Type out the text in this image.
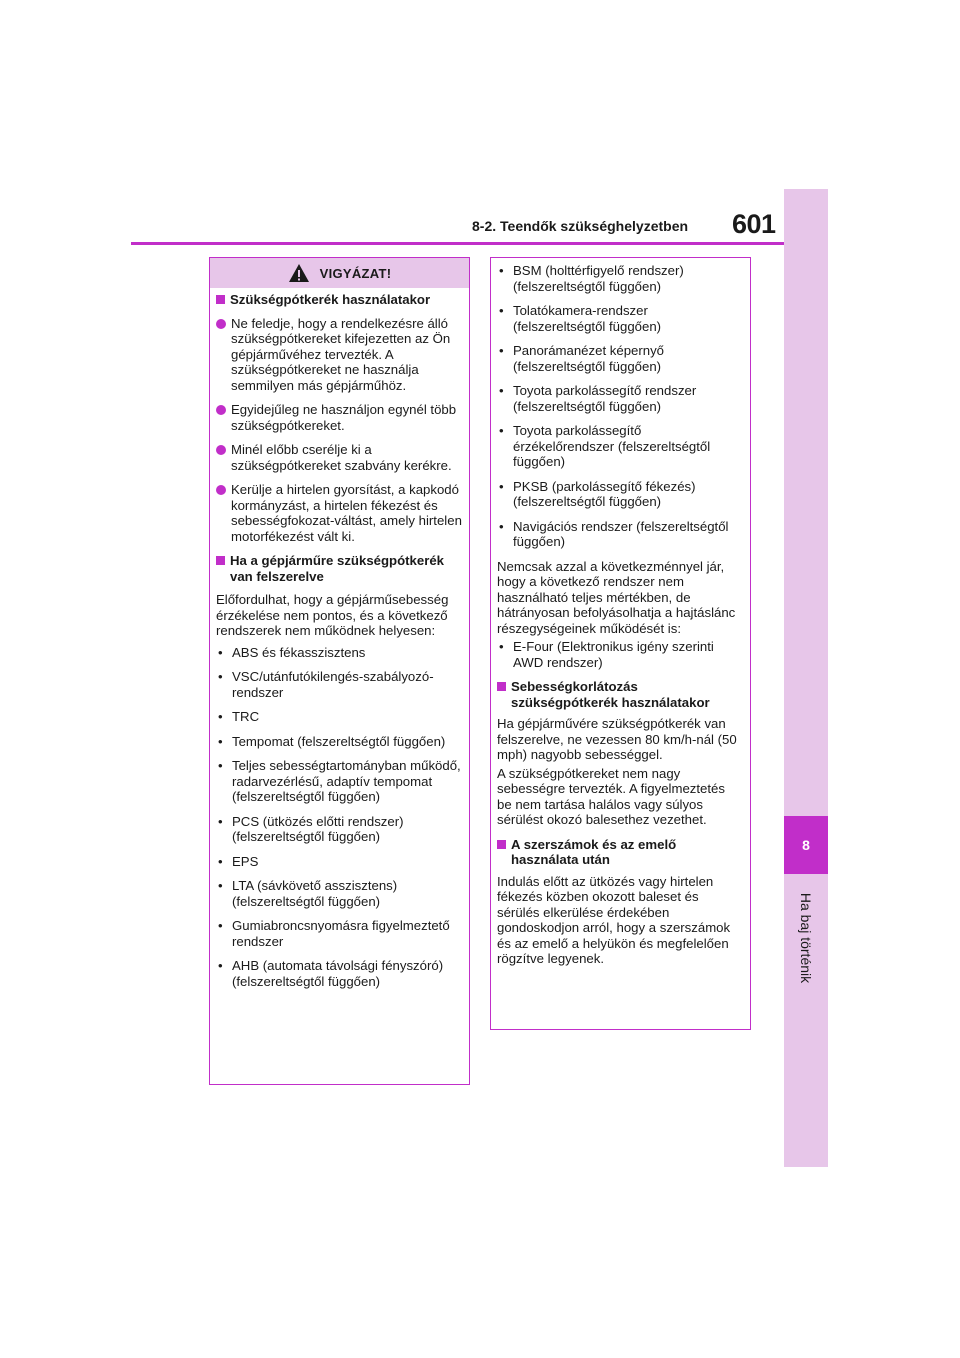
8
Ha baj történik
8-2. Teendők szükséghelyzetben 601
VIGYÁZAT!
Szükségpótkerék használatakor
Ne feledje, hogy a rendelkezésre álló szükségpótkereket kifejezetten az Ön gépjárművéhez tervezték. A szükségpótkereket ne használja semmilyen más gépjárműhöz.
Egyidejűleg ne használjon egynél több szükségpótkereket.
Minél előbb cserélje ki a szükségpótkereket szabvány kerékre.
Kerülje a hirtelen gyorsítást, a kapkodó kormányzást, a hirtelen fékezést és sebességfokozat-váltást, amely hirtelen motorfékezést vált ki.
Ha a gépjárműre szükségpótkerék van felszerelve
Előfordulhat, hogy a gépjárműsebesség érzékelése nem pontos, és a következő rendszerek nem működnek helyesen:
• ABS és fékasszisztens
• VSC/utánfutókilengés-szabályozó-rendszer
• TRC
• Tempomat (felszereltségtől függően)
• Teljes sebességtartományban működő, radarvezérlésű, adaptív tempomat (felszereltségtől függően)
• PCS (ütközés előtti rendszer) (felszereltségtől függően)
• EPS
• LTA (sávkövető asszisztens) (felszereltségtől függően)
• Gumiabroncsnyomásra figyelmeztető rendszer
• AHB (automata távolsági fényszóró) (felszereltségtől függően)
• BSM (holttérfigyelő rendszer) (felszereltségtől függően)
• Tolatókamera-rendszer (felszereltségtől függően)
• Panorámanézet képernyő (felszereltségtől függően)
• Toyota parkolássegítő rendszer (felszereltségtől függően)
• Toyota parkolássegítő érzékelőrendszer (felszereltségtől függően)
• PKSB (parkolássegítő fékezés) (felszereltségtől függően)
• Navigációs rendszer (felszereltségtől függően)
Nemcsak azzal a következménnyel jár, hogy a következő rendszer nem használható teljes mértékben, de hátrányosan befolyásolhatja a hajtáslánc részegységeinek működését is:
• E-Four (Elektronikus igény szerinti AWD rendszer)
Sebességkorlátozás szükségpótkerék használatakor
Ha gépjárművére szükségpótkerék van felszerelve, ne vezessen 80 km/h-nál (50 mph) nagyobb sebességgel.
A szükségpótkereket nem nagy sebességre tervezték. A figyelmeztetés be nem tartása halálos vagy súlyos sérülést okozó balesethez vezethet.
A szerszámok és az emelő használata után
Indulás előtt az ütközés vagy hirtelen fékezés közben okozott baleset és sérülés elkerülése érdekében gondoskodjon arról, hogy a szerszámok és az emelő a helyükön és megfelelően rögzítve legyenek.
